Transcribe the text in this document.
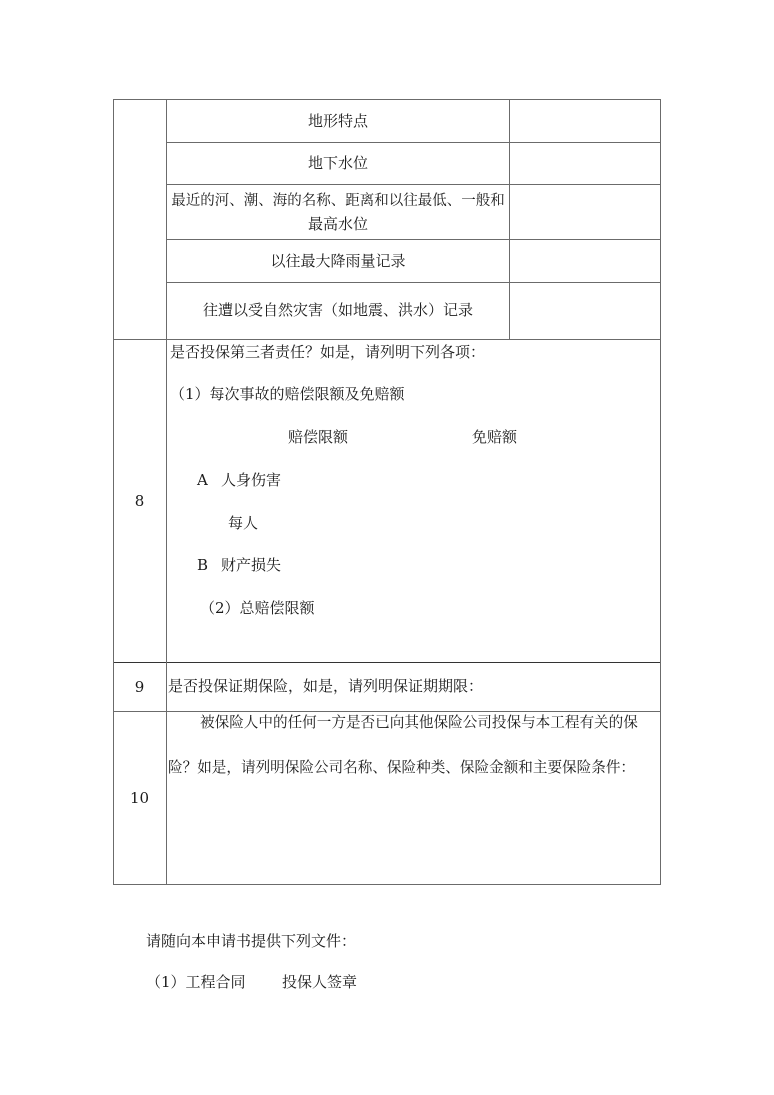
地形特点
地下水位
最近的河、潮、海的名称、距离和以往最低、一般和
最高水位
以往最大降雨量记录
往遭以受自然灾害（如地震、洪水）记录
8
是否投保第三者责任？如是，请列明下列各项：
（1）每次事故的赔偿限额及免赔额
赔偿限额	免赔额
A 人身伤害
每人
B 财产损失
（2）总赔偿限额
9	是否投保证期保险，如是，请列明保证期期限：
10
被保险人中的任何一方是否已向其他保险公司投保与本工程有关的保
险？如是，请列明保险公司名称、保险种类、保险金额和主要保险条件：
请随向本申请书提供下列文件：
（1）工程合同 投保人签章
